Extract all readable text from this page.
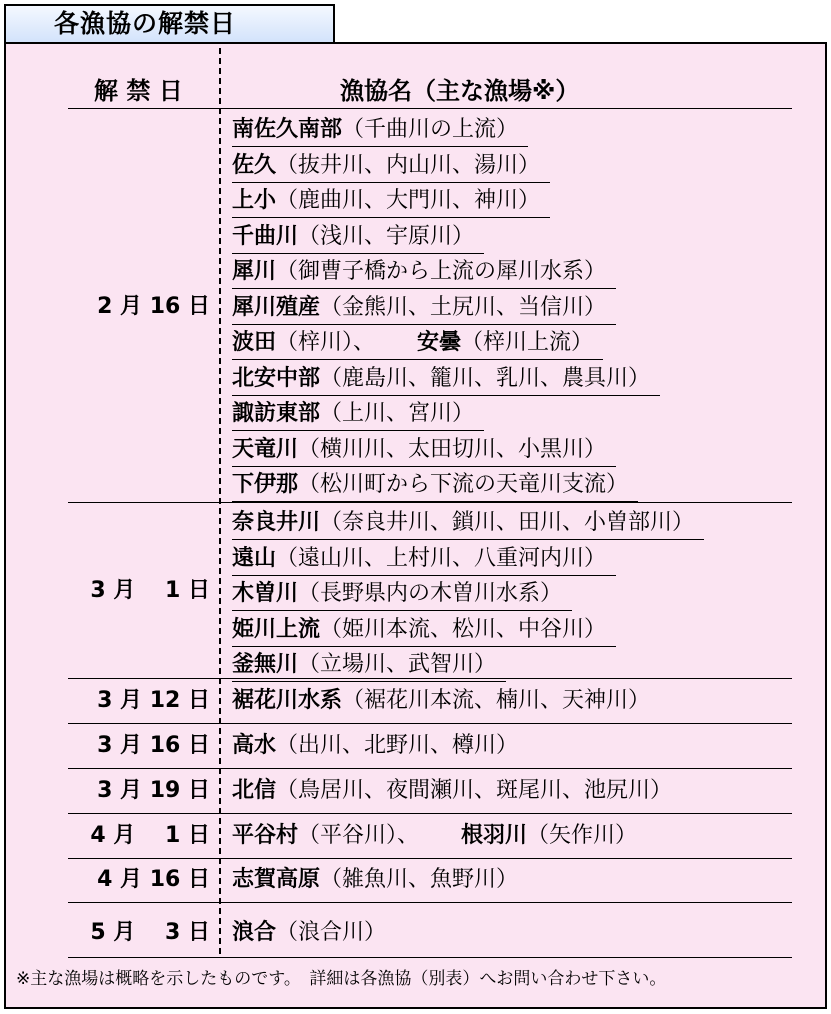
各漁協の解禁日
解 禁 日	漁協名（主な漁場※）
南佐久南部（千曲川の上流）
佐久（抜井川、内山川、湯川）
上小（鹿曲川、大門川、神川）
千曲川（浅川、宇原川）
犀川（御曹子橋から上流の犀川水系）
犀川殖産（金熊川、土尻川、当信川）
波田（梓川）、 安曇（梓川上流）
北安中部（鹿島川、籠川、乳川、農具川）
諏訪東部（上川、宮川）
天竜川（横川川、太田切川、小黒川）
下伊那（松川町から下流の天竜川支流）
2 月 16 日
奈良井川（奈良井川、鎖川、田川、小曽部川）
遠山（遠山川、上村川、八重河内川）
木曽川（長野県内の木曽川水系）
姫川上流（姫川本流、松川、中谷川）
釜無川（立場川、武智川）
3 月　 1 日
裾花川水系（裾花川本流、楠川、天神川）
3 月 12 日
高水（出川、北野川、樽川）
3 月 16 日
北信（鳥居川、夜間瀬川、斑尾川、池尻川）
3 月 19 日
平谷村（平谷川）、 根羽川（矢作川）
4 月　 1 日
志賀高原（雑魚川、魚野川）
4 月 16 日
浪合（浪合川）
5 月　 3 日
※主な漁場は概略を示したものです。　詳細は各漁協（別表）へお問い合わせ下さい。
